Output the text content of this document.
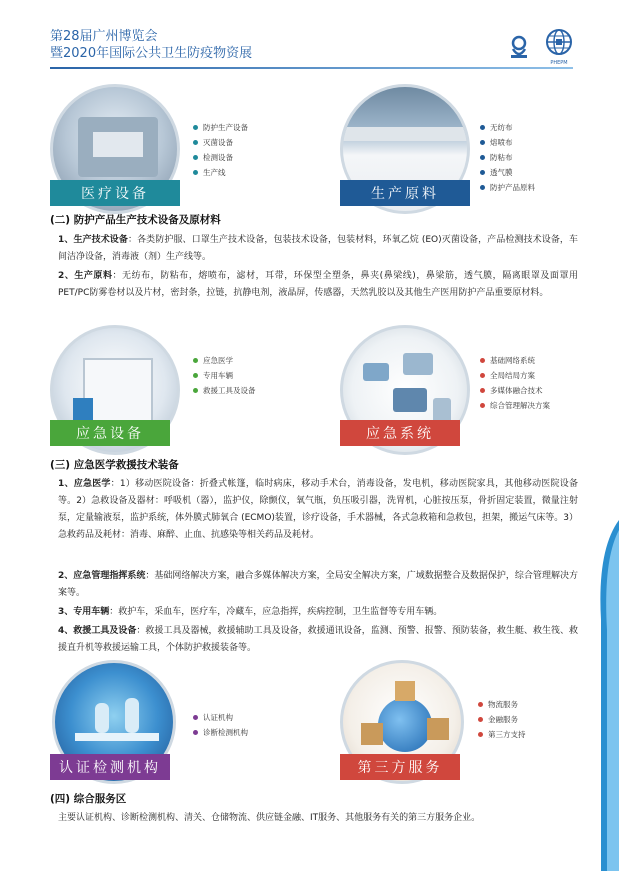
第28届广州博览会
暨2020年国际公共卫生防疫物资展
PHEPM
医疗设备
防护生产设备
灭菌设备
检测设备
生产线
生产原料
无纺布
熔喷布
防粘布
透气膜
防护产品原料
(二) 防护产品生产技术设备及原材料
1、生产技术设备：各类防护服、口罩生产技术设备，包装技术设备，包装材料，环氧乙烷 (EO)灭菌设备，产品检测技术设备，车间洁净设备，消毒液（剂）生产线等。
2、生产原料：无纺布，防粘布，熔喷布，滤材，耳带，环保型全塑条，鼻夹(鼻梁线)，鼻梁筋，透气膜，隔离眼罩及面罩用PET/PC防雾卷材以及片材，密封条，拉链，抗静电剂，液晶屏，传感器，天然乳胶以及其他生产医用防护产品重要原材料。
应急设备
应急医学
专用车辆
救援工具及设备
应急系统
基础网络系统
全局结局方案
多媒体融合技术
综合管理解决方案
(三) 应急医学救援技术装备
1、应急医学：1）移动医院设备：折叠式帐篷，临时病床，移动手术台，消毒设备，发电机，移动医院家具，其他移动医院设备等。2）急救设备及器材：呼吸机（器），监护仪，除颤仪，氧气瓶，负压吸引器，洗胃机，心脏按压泵，骨折固定装置，微量注射泵，定量输液泵，监护系统，体外膜式肺氧合 (ECMO)装置，诊疗设备，手术器械，各式急救箱和急救包，担架，搬运气床等。3）急救药品及耗材：消毒、麻醉、止血、抗感染等相关药品及耗材。
2、应急管理指挥系统：基础网络解决方案，融合多媒体解决方案，全局安全解决方案，广域数据整合及数据保护，综合管理解决方案等。
3、专用车辆：救护车，采血车，医疗车，冷藏车，应急指挥，疾病控制，卫生监督等专用车辆。
4、救援工具及设备：救援工具及器械，救援辅助工具及设备，救援通讯设备，监测、预警、报警、预防装备，救生艇、救生筏、救援直升机等救援运输工具，个体防护救援装备等。
认证检测机构
认证机构
诊断检测机构
第三方服务
物流服务
金融服务
第三方支持
(四) 综合服务区
主要认证机构、诊断检测机构、清关、仓储物流、供应链金融、IT服务、其他服务有关的第三方服务企业。
